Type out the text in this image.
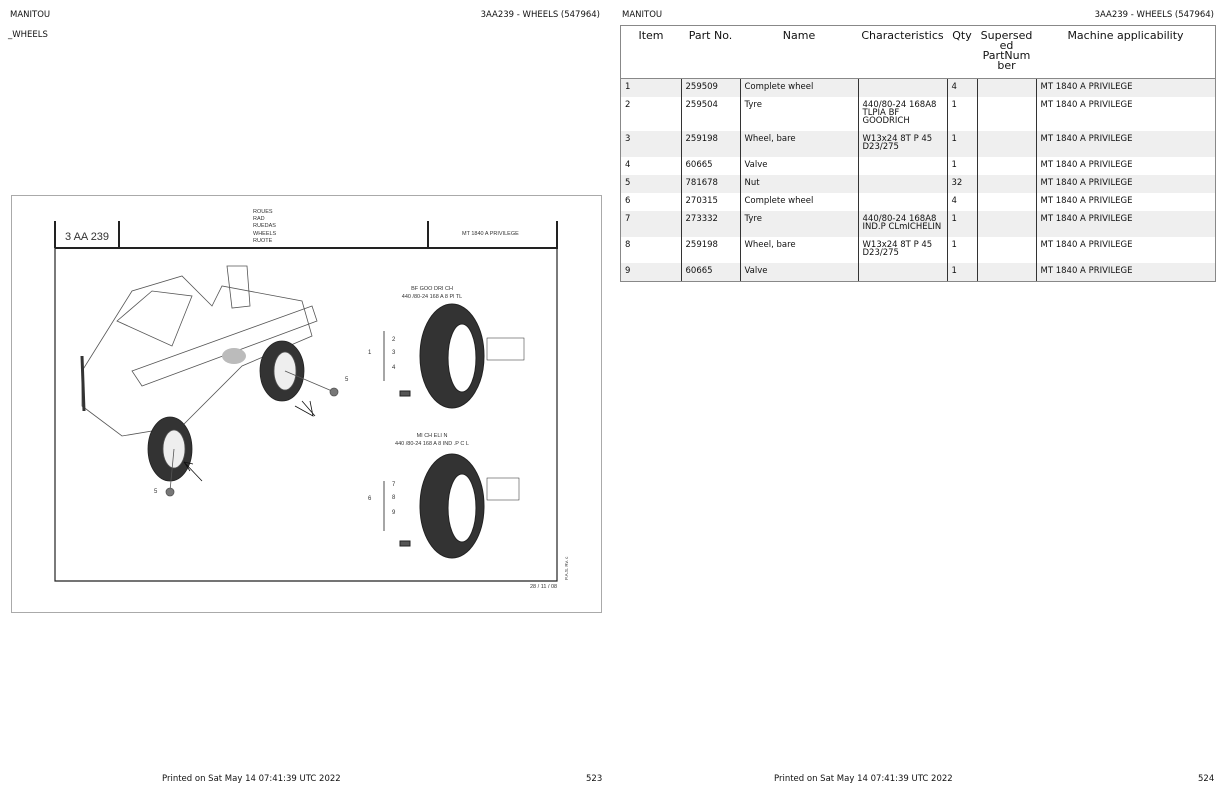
MANITOU	3AA239 - WHEELS (547964)
_WHEELS
MANITOU	3AA239 - WHEELS (547964)
3 AA 239
ROUES
RAD
RUEDAS
WHEELS
RUOTE
MT 1840 A PRIVILEGE
BF GOO DRI CH
440 /80-24 168 A 8 Pl TL
MI CH ELI N
440 /80-24 168 A 8 IND .P C L
28 / 11 / 08
P.A.S. Rv. c
1
2
3
4
5
5
6
7
8
9
Item	Part No.	Name	Characteristics	Qty	Supersed ed PartNum ber	Machine applicability
1	259509	Complete wheel		4		MT 1840 A PRIVILEGE
2	259504	Tyre	440/80-24 168A8 TLPIA BF GOODRICH	1		MT 1840 A PRIVILEGE
3	259198	Wheel, bare	W13x24 8T P 45 D23/275	1		MT 1840 A PRIVILEGE
4	60665	Valve		1		MT 1840 A PRIVILEGE
5	781678	Nut		32		MT 1840 A PRIVILEGE
6	270315	Complete wheel		4		MT 1840 A PRIVILEGE
7	273332	Tyre	440/80-24 168A8 IND.P CLmICHELIN	1		MT 1840 A PRIVILEGE
8	259198	Wheel, bare	W13x24 8T P 45 D23/275	1		MT 1840 A PRIVILEGE
9	60665	Valve		1		MT 1840 A PRIVILEGE
Printed on Sat May 14 07:41:39 UTC 2022	523	Printed on Sat May 14 07:41:39 UTC 2022	524
